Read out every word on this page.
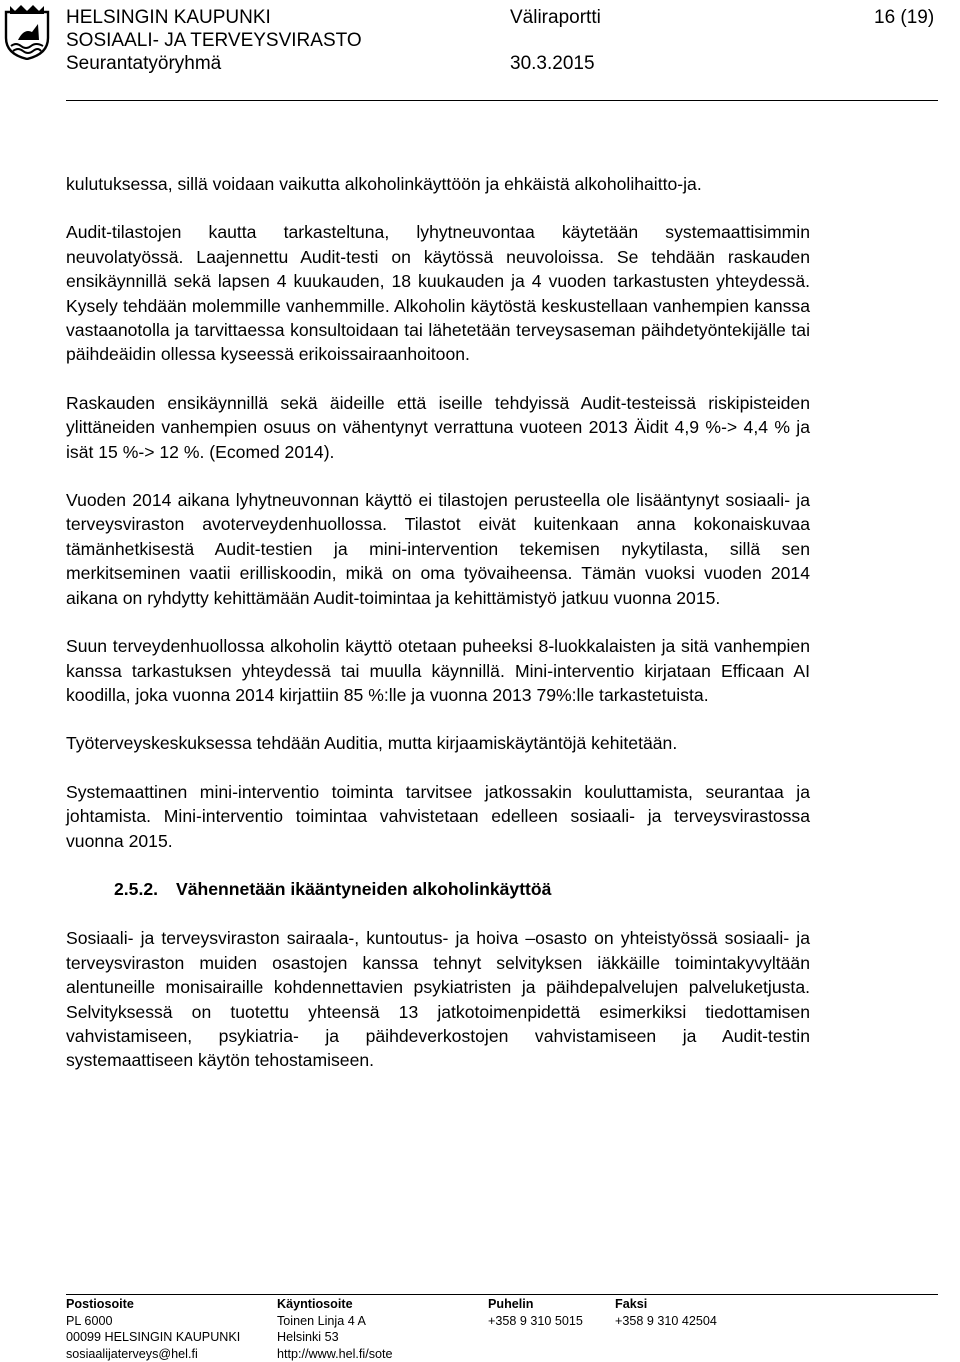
HELSINGIN KAUPUNKI
SOSIAALI- JA TERVEYSVIRASTO
Seurantatyöryhmä
Väliraportti
30.3.2015
16 (19)

kulutuksessa, sillä voidaan vaikutta alkoholinkäyttöön ja ehkäistä alkoholihaitto-ja.

Audit-tilastojen kautta tarkasteltuna, lyhytneuvontaa käytetään systemaattisimmin neuvolatyössä. Laajennettu Audit-testi on käytössä neuvoloissa. Se tehdään raskauden ensikäynnillä sekä lapsen 4 kuukauden, 18 kuukauden ja 4 vuoden tarkastusten yhteydessä. Kysely tehdään molemmille vanhemmille. Alkoholin käytöstä keskustellaan vanhempien kanssa vastaanotolla ja tarvittaessa konsultoidaan tai lähetetään terveysaseman päihdetyöntekijälle tai päihdeäidin ollessa kyseessä erikoissairaanhoitoon.

Raskauden ensikäynnillä sekä äideille että iseille tehdyissä Audit-testeissä riskipisteiden ylittäneiden vanhempien osuus on vähentynyt verrattuna vuoteen 2013 Äidit 4,9 %-> 4,4 % ja isät 15 %-> 12 %. (Ecomed 2014).

Vuoden 2014 aikana lyhytneuvonnan käyttö ei tilastojen perusteella ole lisääntynyt sosiaali- ja terveysviraston avoterveydenhuollossa. Tilastot eivät kuitenkaan anna kokonaiskuvaa tämänhetkisestä Audit-testien ja mini-intervention tekemisen nykytilasta, sillä sen merkitseminen vaatii erilliskoodin, mikä on oma työvaiheensa. Tämän vuoksi vuoden 2014 aikana on ryhdytty kehittämään Audit-toimintaa ja kehittämistyö jatkuu vuonna 2015.

Suun terveydenhuollossa alkoholin käyttö otetaan puheeksi 8-luokkalaisten ja sitä vanhempien kanssa tarkastuksen yhteydessä tai muulla käynnillä. Mini-interventio kirjataan Efficaan AI koodilla, joka vuonna 2014 kirjattiin 85 %:lle ja vuonna 2013 79%:lle tarkastetuista.

Työterveyskeskuksessa tehdään Auditia, mutta kirjaamiskäytäntöjä kehitetään.

Systemaattinen mini-interventio toiminta tarvitsee jatkossakin kouluttamista, seurantaa ja johtamista. Mini-interventio toimintaa vahvistetaan edelleen sosiaali- ja terveysvirastossa vuonna 2015.

2.5.2. Vähennetään ikääntyneiden alkoholinkäyttöä

Sosiaali- ja terveysviraston sairaala-, kuntoutus- ja hoiva –osasto on yhteistyössä sosiaali- ja terveysviraston muiden osastojen kanssa tehnyt selvityksen iäkkäille toimintakyvyltään alentuneille monisairaille kohdennettavien psykiatristen ja päihdepalvelujen palveluketjusta. Selvityksessä on tuotettu yhteensä 13 jatkotoimenpidettä esimerkiksi tiedottamisen vahvistamiseen, psykiatria- ja päihdeverkostojen vahvistamiseen ja Audit-testin systemaattiseen käytön tehostamiseen.

Postiosoite
PL 6000
00099 HELSINGIN KAUPUNKI
sosiaalijaterveys@hel.fi
Käyntiosoite
Toinen Linja 4 A
Helsinki 53
http://www.hel.fi/sote
Puhelin
+358 9 310 5015
Faksi
+358 9 310 42504
